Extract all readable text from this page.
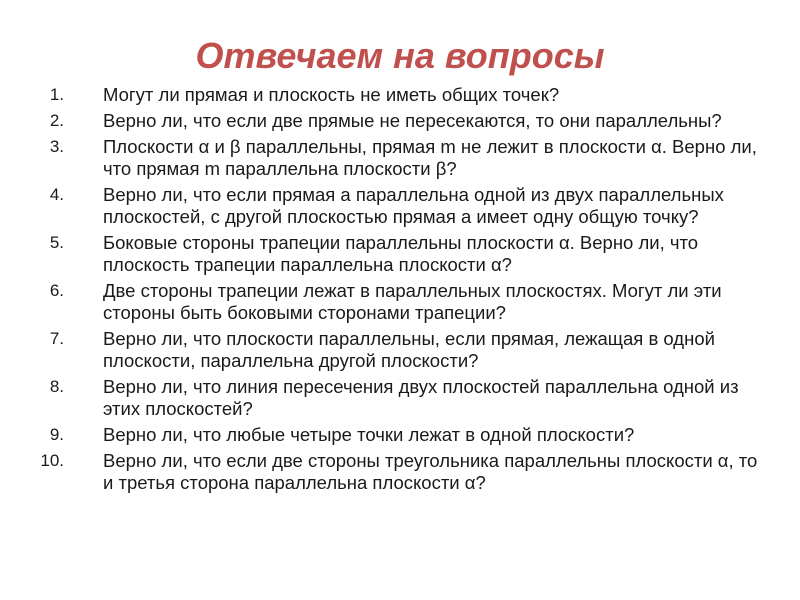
Отвечаем на вопросы
1. Могут ли прямая и плоскость не иметь общих точек?
2. Верно ли, что если две прямые не пересекаются, то они параллельны?
3. Плоскости α и β параллельны, прямая m не лежит в плоскости α. Верно ли, что прямая m параллельна плоскости β?
4. Верно ли, что если прямая а параллельна одной из двух параллельных плоскостей, с другой плоскостью прямая а имеет одну общую точку?
5. Боковые стороны трапеции параллельны плоскости α. Верно ли, что плоскость трапеции параллельна плоскости α?
6. Две стороны трапеции лежат в параллельных плоскостях. Могут ли эти стороны быть боковыми сторонами трапеции?
7. Верно ли, что плоскости параллельны, если прямая, лежащая в одной плоскости, параллельна другой плоскости?
8. Верно ли, что линия пересечения двух плоскостей параллельна одной из этих плоскостей?
9. Верно ли, что любые четыре точки лежат в одной плоскости?
10. Верно ли, что если две стороны треугольника параллельны плоскости α, то и третья сторона параллельна плоскости α?
